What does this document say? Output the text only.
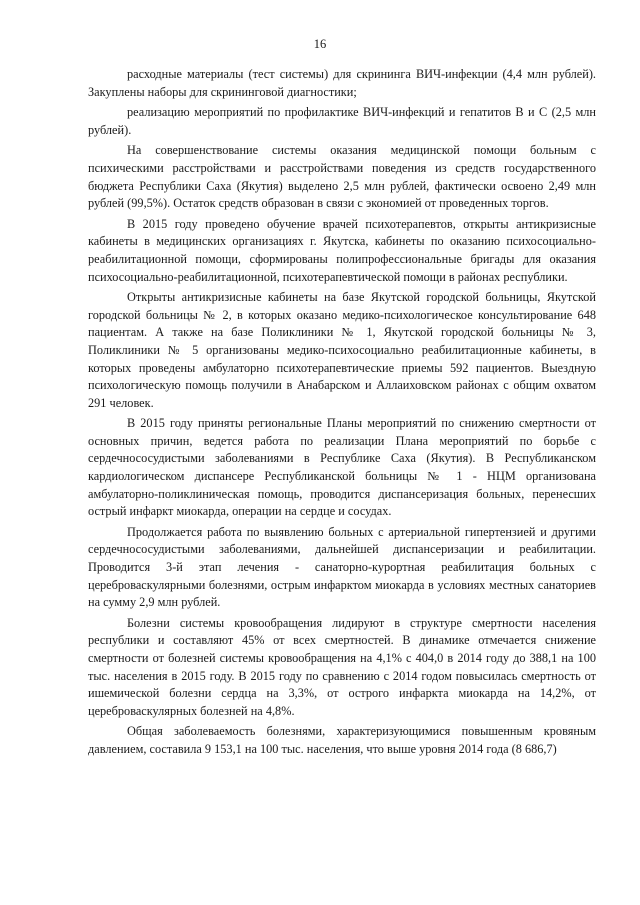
16

расходные материалы (тест системы) для скрининга ВИЧ-инфекции (4,4 млн рублей). Закуплены наборы для скрининговой диагностики;

реализацию мероприятий по профилактике ВИЧ-инфекций и гепатитов В и С (2,5 млн рублей).

На совершенствование системы оказания медицинской помощи больным с психическими расстройствами и расстройствами поведения из средств государственного бюджета Республики Саха (Якутия) выделено 2,5 млн рублей, фактически освоено 2,49 млн рублей (99,5%). Остаток средств образован в связи с экономией от проведенных торгов.

В 2015 году проведено обучение врачей психотерапевтов, открыты антикризисные кабинеты в медицинских организациях г. Якутска, кабинеты по оказанию психосоциально-реабилитационной помощи, сформированы полипрофессиональные бригады для оказания психосоциально-реабилитационной, психотерапевтической помощи в районах республики.

Открыты антикризисные кабинеты на базе Якутской городской больницы, Якутской городской больницы № 2, в которых оказано медико-психологическое консультирование 648 пациентам. А также на базе Поликлиники № 1, Якутской городской больницы № 3, Поликлиники № 5 организованы медико-психосоциально реабилитационные кабинеты, в которых проведены амбулаторно психотерапевтические приемы 592 пациентов. Выездную психологическую помощь получили в Анабарском и Аллаиховском районах с общим охватом 291 человек.

В 2015 году приняты региональные Планы мероприятий по снижению смертности от основных причин, ведется работа по реализации Плана мероприятий по борьбе с сердечнососудистыми заболеваниями в Республике Саха (Якутия). В Республиканском кардиологическом диспансере Республиканской больницы № 1 - НЦМ организована амбулаторно-поликлиническая помощь, проводится диспансеризация больных, перенесших острый инфаркт миокарда, операции на сердце и сосудах.

Продолжается работа по выявлению больных с артериальной гипертензией и другими сердечнососудистыми заболеваниями, дальнейшей диспансеризации и реабилитации. Проводится 3-й этап лечения - санаторно-курортная реабилитация больных с цереброваскулярными болезнями, острым инфарктом миокарда в условиях местных санаториев на сумму 2,9 млн рублей.

Болезни системы кровообращения лидируют в структуре смертности населения республики и составляют 45% от всех смертностей. В динамике отмечается снижение смертности от болезней системы кровообращения на 4,1% с 404,0 в 2014 году до 388,1 на 100 тыс. населения в 2015 году. В 2015 году по сравнению с 2014 годом повысилась смертность от ишемической болезни сердца на 3,3%, от острого инфаркта миокарда на 14,2%, от цереброваскулярных болезней на 4,8%.

Общая заболеваемость болезнями, характеризующимися повышенным кровяным давлением, составила 9 153,1 на 100 тыс. населения, что выше уровня 2014 года (8 686,7)
